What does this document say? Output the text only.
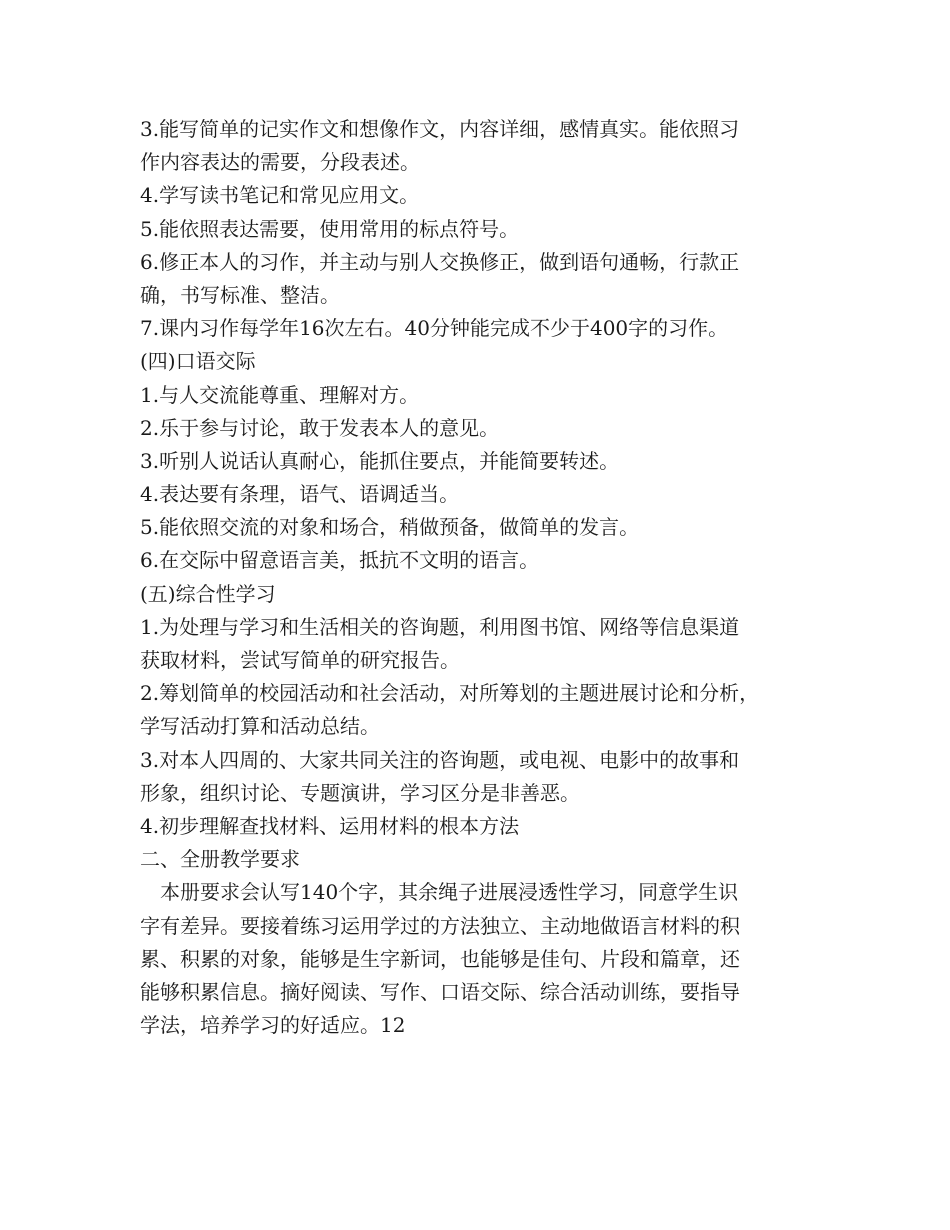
3.能写简单的记实作文和想像作文，内容详细，感情真实。能依照习
作内容表达的需要，分段表述。
4.学写读书笔记和常见应用文。
5.能依照表达需要，使用常用的标点符号。
6.修正本人的习作，并主动与别人交换修正，做到语句通畅，行款正
确，书写标准、整洁。
7.课内习作每学年16次左右。40分钟能完成不少于400字的习作。
(四)口语交际
1.与人交流能尊重、理解对方。
2.乐于参与讨论，敢于发表本人的意见。
3.听别人说话认真耐心，能抓住要点，并能简要转述。
4.表达要有条理，语气、语调适当。
5.能依照交流的对象和场合，稍做预备，做简单的发言。
6.在交际中留意语言美，抵抗不文明的语言。
(五)综合性学习
1.为处理与学习和生活相关的咨询题，利用图书馆、网络等信息渠道
获取材料，尝试写简单的研究报告。
2.筹划简单的校园活动和社会活动，对所筹划的主题进展讨论和分析，
学写活动打算和活动总结。
3.对本人四周的、大家共同关注的咨询题，或电视、电影中的故事和
形象，组织讨论、专题演讲，学习区分是非善恶。
4.初步理解查找材料、运用材料的根本方法
二、全册教学要求
本册要求会认写140个字，其余绳子进展浸透性学习，同意学生识
字有差异。要接着练习运用学过的方法独立、主动地做语言材料的积
累、积累的对象，能够是生字新词，也能够是佳句、片段和篇章，还
能够积累信息。摘好阅读、写作、口语交际、综合活动训练，要指导
学法，培养学习的好适应。12
